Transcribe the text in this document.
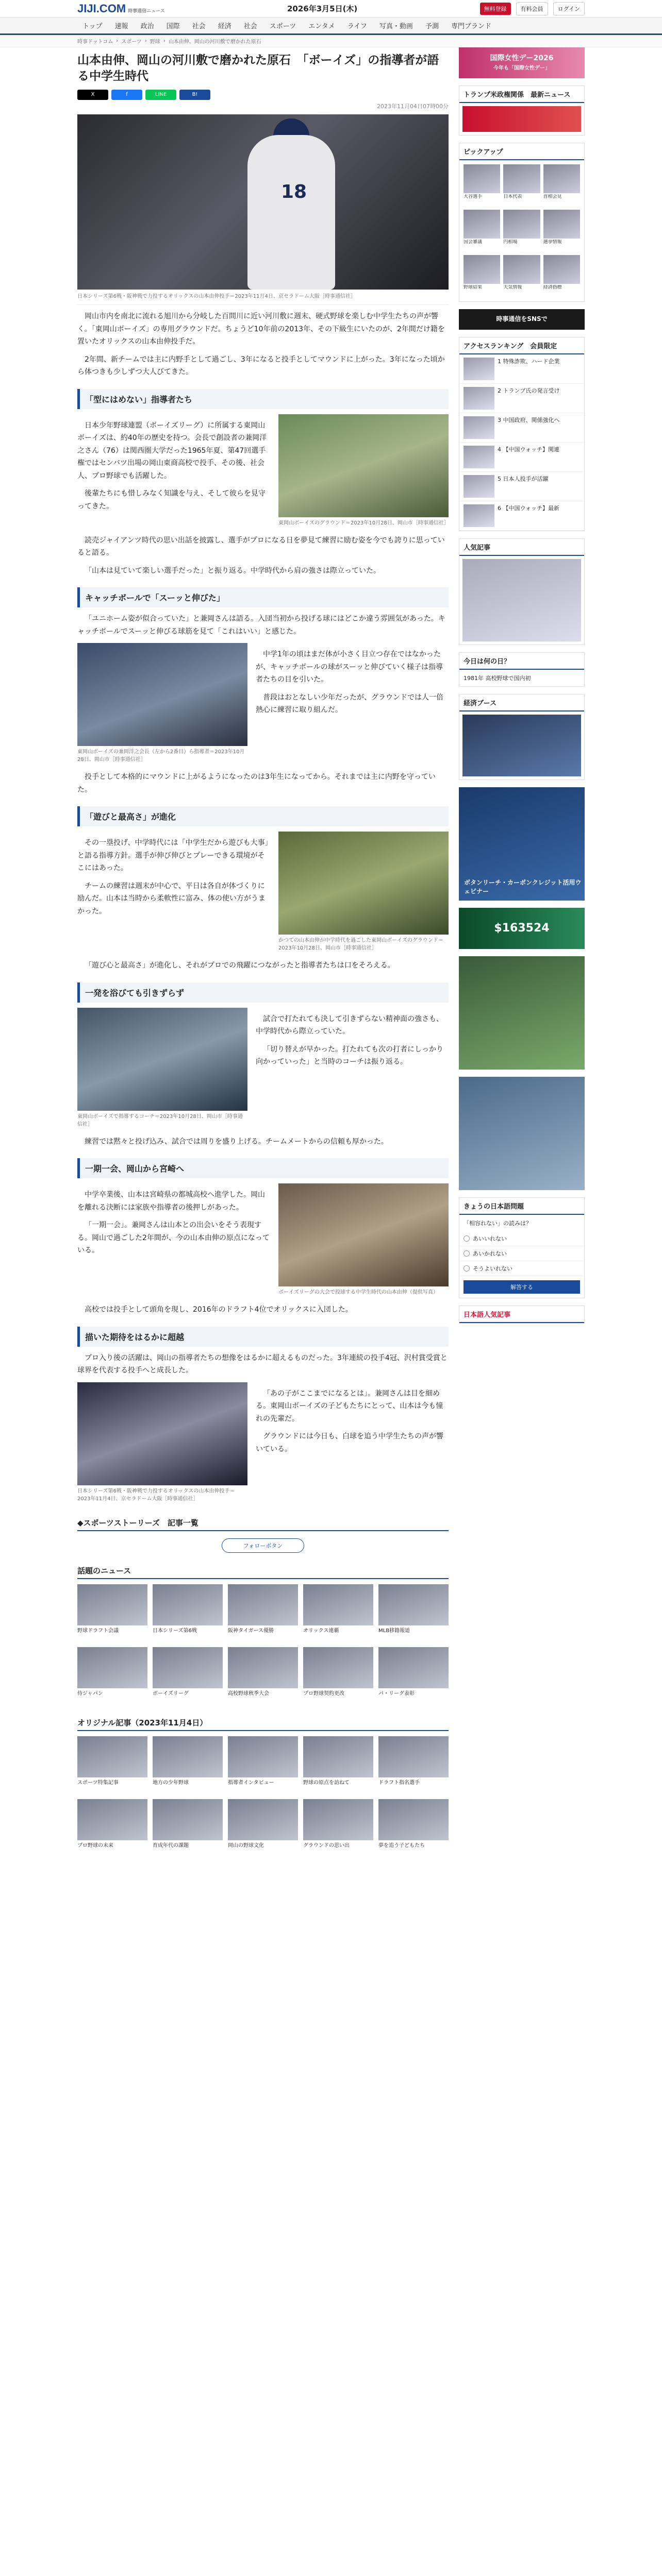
JIJI.COM 時事通信ニュース	2026年3月5日(木)	無料登録	有料会員	ログイン
トップ	速報	政治	国際	社会	経済	社会	スポーツ	エンタメ	ライフ	写真・動画	予測	専門ブランド
時事ドットコム › スポーツ › 野球 › 山本由伸、岡山の河川敷で磨かれた原石
山本由伸、岡山の河川敷で磨かれた原石　「ボーイズ」の指導者が語る中学生時代
X	f	LINE	B!
2023年11月04日07時00分
18
日本シリーズ第6戦・阪神戦で力投するオリックスの山本由伸投手＝2023年11月4日、京セラドーム大阪［時事通信社］

岡山市内を南北に流れる旭川から分岐した百間川に近い河川敷に週末、硬式野球を楽しむ中学生たちの声が響く。「東岡山ボーイズ」の専用グラウンドだ。ちょうど10年前の2013年、その下級生にいたのが、2年間だけ籍を置いたオリックスの山本由伸投手だ。

2年間、新チームでは主に内野手として過ごし、3年になると投手としてマウンドに上がった。3年になった頃から体つきも少しずつ大人びてきた。

「型にはめない」指導者たち

日本少年野球連盟（ボーイズリーグ）に所属する東岡山ボーイズは、約40年の歴史を持つ。会長で創設者の兼岡洋之さん（76）は関西圏大学だった1965年夏、第47回選手権ではセンバツ出場の岡山東商高校で投手、その後、社会人、プロ野球でも活躍した。

後輩たちにも惜しみなく知識を与え、そして彼らを見守ってきた。

東岡山ボーイズのグラウンド＝2023年10月28日、岡山市［時事通信社］

読売ジャイアンツ時代の思い出話を披露し、選手がプロになる日を夢見て練習に励む姿を今でも誇りに思っていると語る。

「山本は見ていて楽しい選手だった」と振り返る。中学時代から肩の強さは際立っていた。

キャッチボールで「スーッと伸びた」

「ユニホーム姿が似合っていた」と兼岡さんは語る。入団当初から投げる球にはどこか違う雰囲気があった。キャッチボールでスーッと伸びる球筋を見て「これはいい」と感じた。

東岡山ボーイズの兼岡洋之会長（左から2番目）ら指導者＝2023年10月28日、岡山市［時事通信社］

中学1年の頃はまだ体が小さく目立つ存在ではなかったが、キャッチボールの球がスーッと伸びていく様子は指導者たちの目を引いた。

普段はおとなしい少年だったが、グラウンドでは人一倍熱心に練習に取り組んだ。

投手として本格的にマウンドに上がるようになったのは3年生になってから。それまでは主に内野を守っていた。

「遊びと最高さ」が進化

その一塁投げ、中学時代には「中学生だから遊びも大事」と語る指導方針。選手が伸び伸びとプレーできる環境がそこにはあった。

チームの練習は週末が中心で、平日は各自が体づくりに励んだ。山本は当時から柔軟性に富み、体の使い方がうまかった。

かつての山本由伸が中学時代を過ごした東岡山ボーイズのグラウンド＝2023年10月28日、岡山市［時事通信社］

「遊び心と最高さ」が進化し、それがプロでの飛躍につながったと指導者たちは口をそろえる。

一発を浴びても引きずらず
東岡山ボーイズで指導するコーチ＝2023年10月28日、岡山市［時事通信社］

試合で打たれても決して引きずらない精神面の強さも、中学時代から際立っていた。

「切り替えが早かった。打たれても次の打者にしっかり向かっていった」と当時のコーチは振り返る。

練習では黙々と投げ込み、試合では周りを盛り上げる。チームメートからの信頼も厚かった。

一期一会、岡山から宮崎へ

中学卒業後、山本は宮崎県の都城高校へ進学した。岡山を離れる決断には家族や指導者の後押しがあった。

「一期一会」。兼岡さんは山本との出会いをそう表現する。岡山で過ごした2年間が、今の山本由伸の原点になっている。

ボーイズリーグの大会で投球する中学生時代の山本由伸（提供写真）

高校では投手として頭角を現し、2016年のドラフト4位でオリックスに入団した。

描いた期待をはるかに超越

プロ入り後の活躍は、岡山の指導者たちの想像をはるかに超えるものだった。3年連続の投手4冠、沢村賞受賞と球界を代表する投手へと成長した。

日本シリーズ第6戦・阪神戦で力投するオリックスの山本由伸投手＝2023年11月4日、京セラドーム大阪［時事通信社］

「あの子がここまでになるとは」。兼岡さんは目を細める。東岡山ボーイズの子どもたちにとって、山本は今も憧れの先輩だ。

グラウンドには今日も、白球を追う中学生たちの声が響いている。

◆スポーツストーリーズ　記事一覧
フォローボタン
話題のニュース
野球ドラフト会議	日本シリーズ第6戦	阪神タイガース優勝	オリックス連覇	MLB移籍報道
侍ジャパン	ボーイズリーグ	高校野球秋季大会	プロ野球契約更改	パ・リーグ表彰
オリジナル記事（2023年11月4日）
スポーツ特集記事	地方の少年野球	指導者インタビュー	野球の原点を訪ねて	ドラフト指名選手
プロ野球の未来	育成年代の課題	岡山の野球文化	グラウンドの思い出	夢を追う子どもたち
国際女性デー2026
今年も「国際女性デー」
トランプ米政権関係　最新ニュース
ピックアップ
大谷選手	日本代表	首相会見
国会審議	円相場	選挙情報
野球結果	天気情報	経済指標
時事通信をSNSで
アクセスランキング　会員限定
1 特殊詐欺、ハード企業
2 トランプ氏の発言受け
3 中国政府、関係強化へ
4 【中国ウォッチ】関連
5 日本人投手が活躍
6 【中国ウォッチ】最新
人気記事
今日は何の日？
1981年 高校野球で国内初
経済ブース
ボタンリーチ・カーボンクレジット活用ウェビナー
$163524
きょうの日本語問題
「相容れない」の読みは？
あいいれない
あいかれない
そうよいれない
解答する
日本語人気記事
